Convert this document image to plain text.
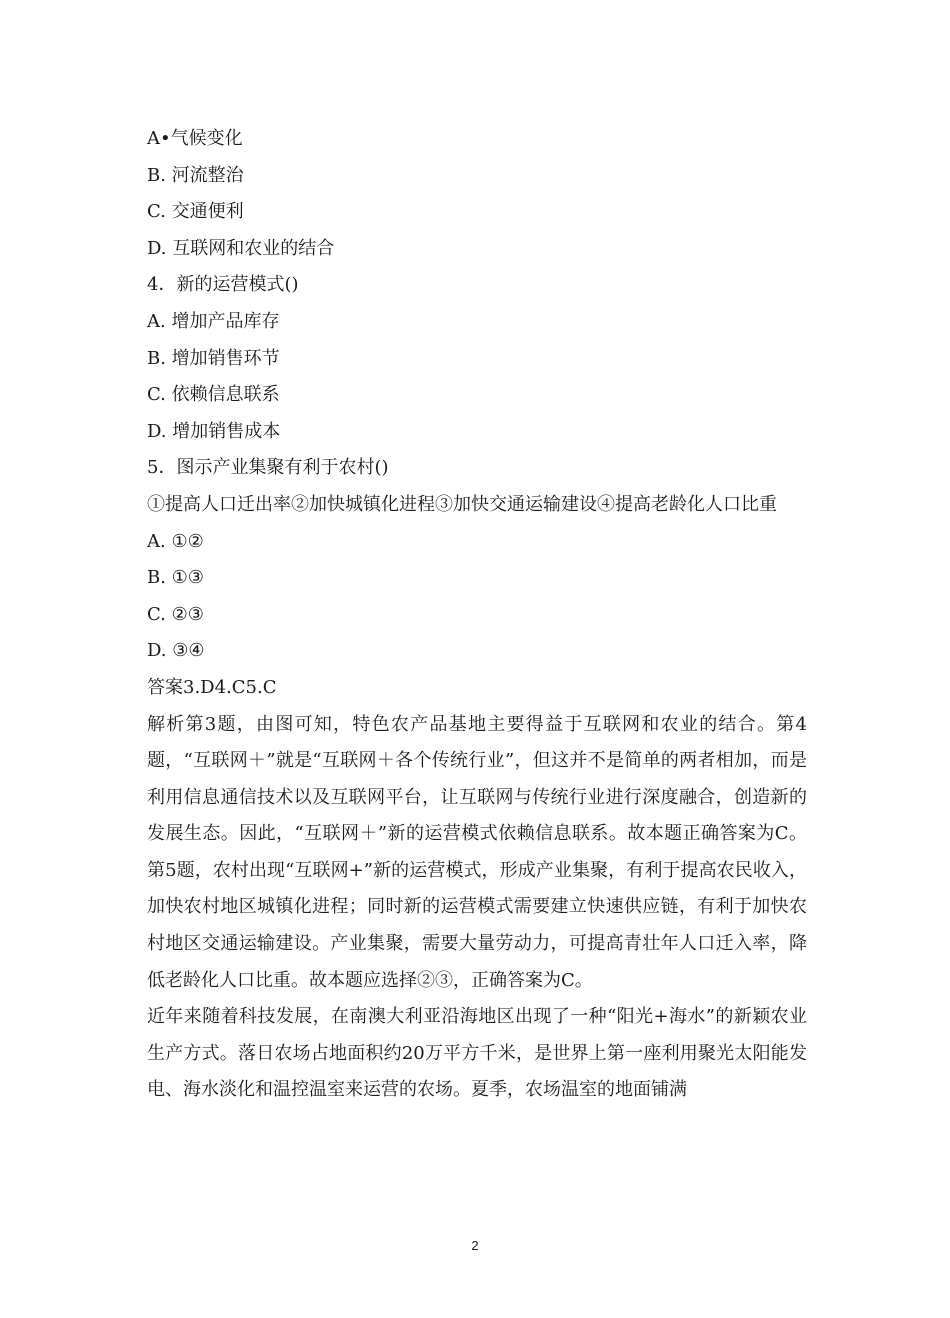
A•气候变化
B. 河流整治
C. 交通便利
D. 互联网和农业的结合
4．新的运营模式()
A. 增加产品库存
B. 增加销售环节
C. 依赖信息联系
D. 增加销售成本
5．图示产业集聚有利于农村()
①提高人口迁出率②加快城镇化进程③加快交通运输建设④提高老龄化人口比重
A. ①②
B. ①③
C. ②③
D. ③④
答案3.D4.C5.C
解析第3题，由图可知，特色农产品基地主要得益于互联网和农业的结合。第4题，“互联网＋”就是“互联网＋各个传统行业”，但这并不是简单的两者相加，而是利用信息通信技术以及互联网平台，让互联网与传统行业进行深度融合，创造新的发展生态。因此，“互联网＋”新的运营模式依赖信息联系。故本题正确答案为C。第5题，农村出现“互联网+”新的运营模式，形成产业集聚，有利于提高农民收入，加快农村地区城镇化进程；同时新的运营模式需要建立快速供应链，有利于加快农村地区交通运输建设。产业集聚，需要大量劳动力，可提高青壮年人口迁入率，降低老龄化人口比重。故本题应选择②③，正确答案为C。
近年来随着科技发展，在南澳大利亚沿海地区出现了一种“阳光+海水”的新颖农业生产方式。落日农场占地面积约20万平方千米，是世界上第一座利用聚光太阳能发电、海水淡化和温控温室来运营的农场。夏季，农场温室的地面铺满
2
